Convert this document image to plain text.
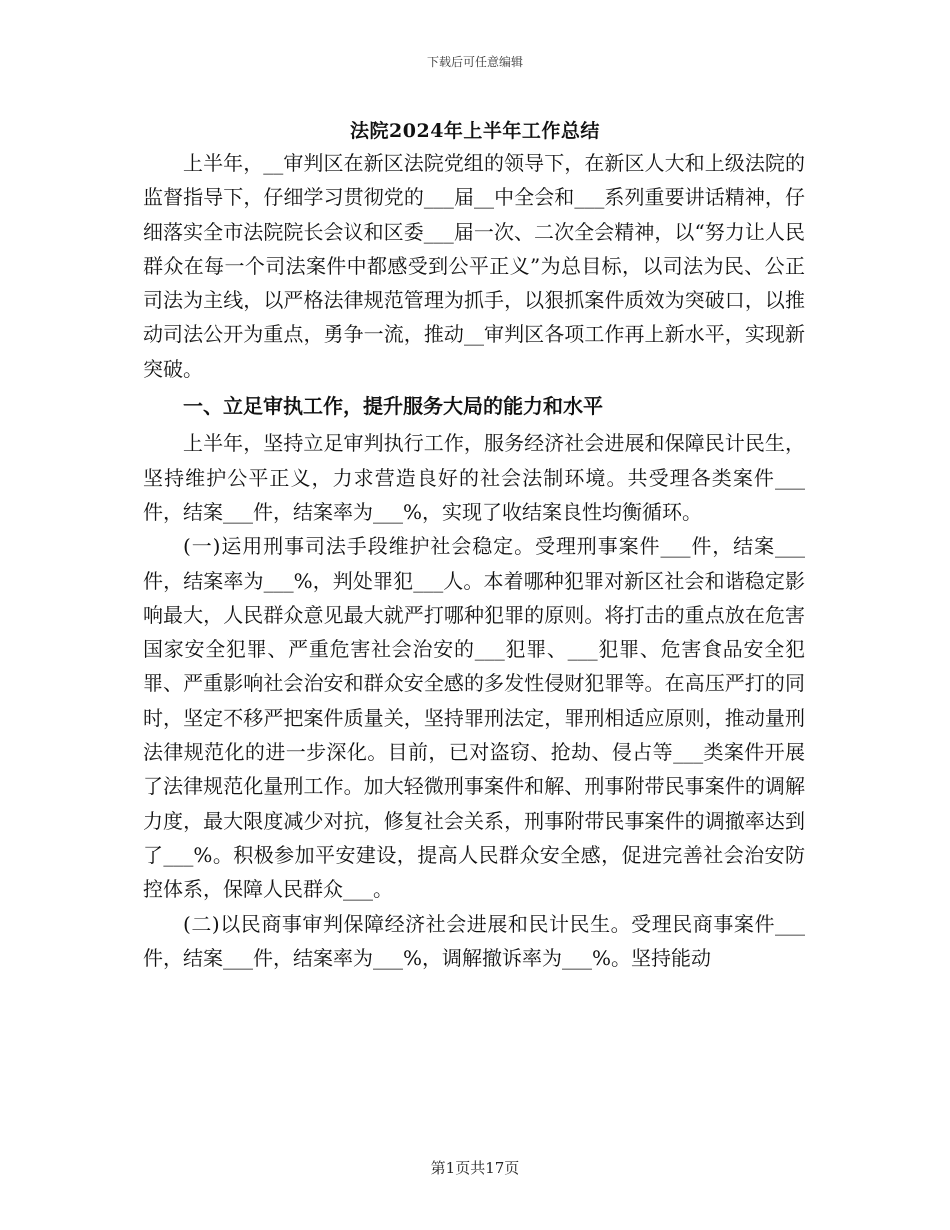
下载后可任意编辑
法院2024年上半年工作总结

上半年，__审判区在新区法院党组的领导下，在新区人大和上级法院的监督指导下，仔细学习贯彻党的___届__中全会和___系列重要讲话精神，仔细落实全市法院院长会议和区委___届一次、二次全会精神，以“努力让人民群众在每一个司法案件中都感受到公平正义”为总目标，以司法为民、公正司法为主线，以严格法律规范管理为抓手，以狠抓案件质效为突破口，以推动司法公开为重点，勇争一流，推动__审判区各项工作再上新水平，实现新突破。

一、立足审执工作，提升服务大局的能力和水平

上半年，坚持立足审判执行工作，服务经济社会进展和保障民计民生，坚持维护公平正义，力求营造良好的社会法制环境。共受理各类案件___件，结案___件，结案率为___%，实现了收结案良性均衡循环。

(一)运用刑事司法手段维护社会稳定。受理刑事案件___件，结案___件，结案率为___%，判处罪犯___人。本着哪种犯罪对新区社会和谐稳定影响最大，人民群众意见最大就严打哪种犯罪的原则。将打击的重点放在危害国家安全犯罪、严重危害社会治安的___犯罪、___犯罪、危害食品安全犯罪、严重影响社会治安和群众安全感的多发性侵财犯罪等。在高压严打的同时，坚定不移严把案件质量关，坚持罪刑法定，罪刑相适应原则，推动量刑法律规范化的进一步深化。目前，已对盗窃、抢劫、侵占等___类案件开展了法律规范化量刑工作。加大轻微刑事案件和解、刑事附带民事案件的调解力度，最大限度减少对抗，修复社会关系，刑事附带民事案件的调撤率达到了___%。积极参加平安建设，提高人民群众安全感，促进完善社会治安防控体系，保障人民群众___。

(二)以民商事审判保障经济社会进展和民计民生。受理民商事案件___件，结案___件，结案率为___%，调解撤诉率为___%。坚持能动

第1页共17页
